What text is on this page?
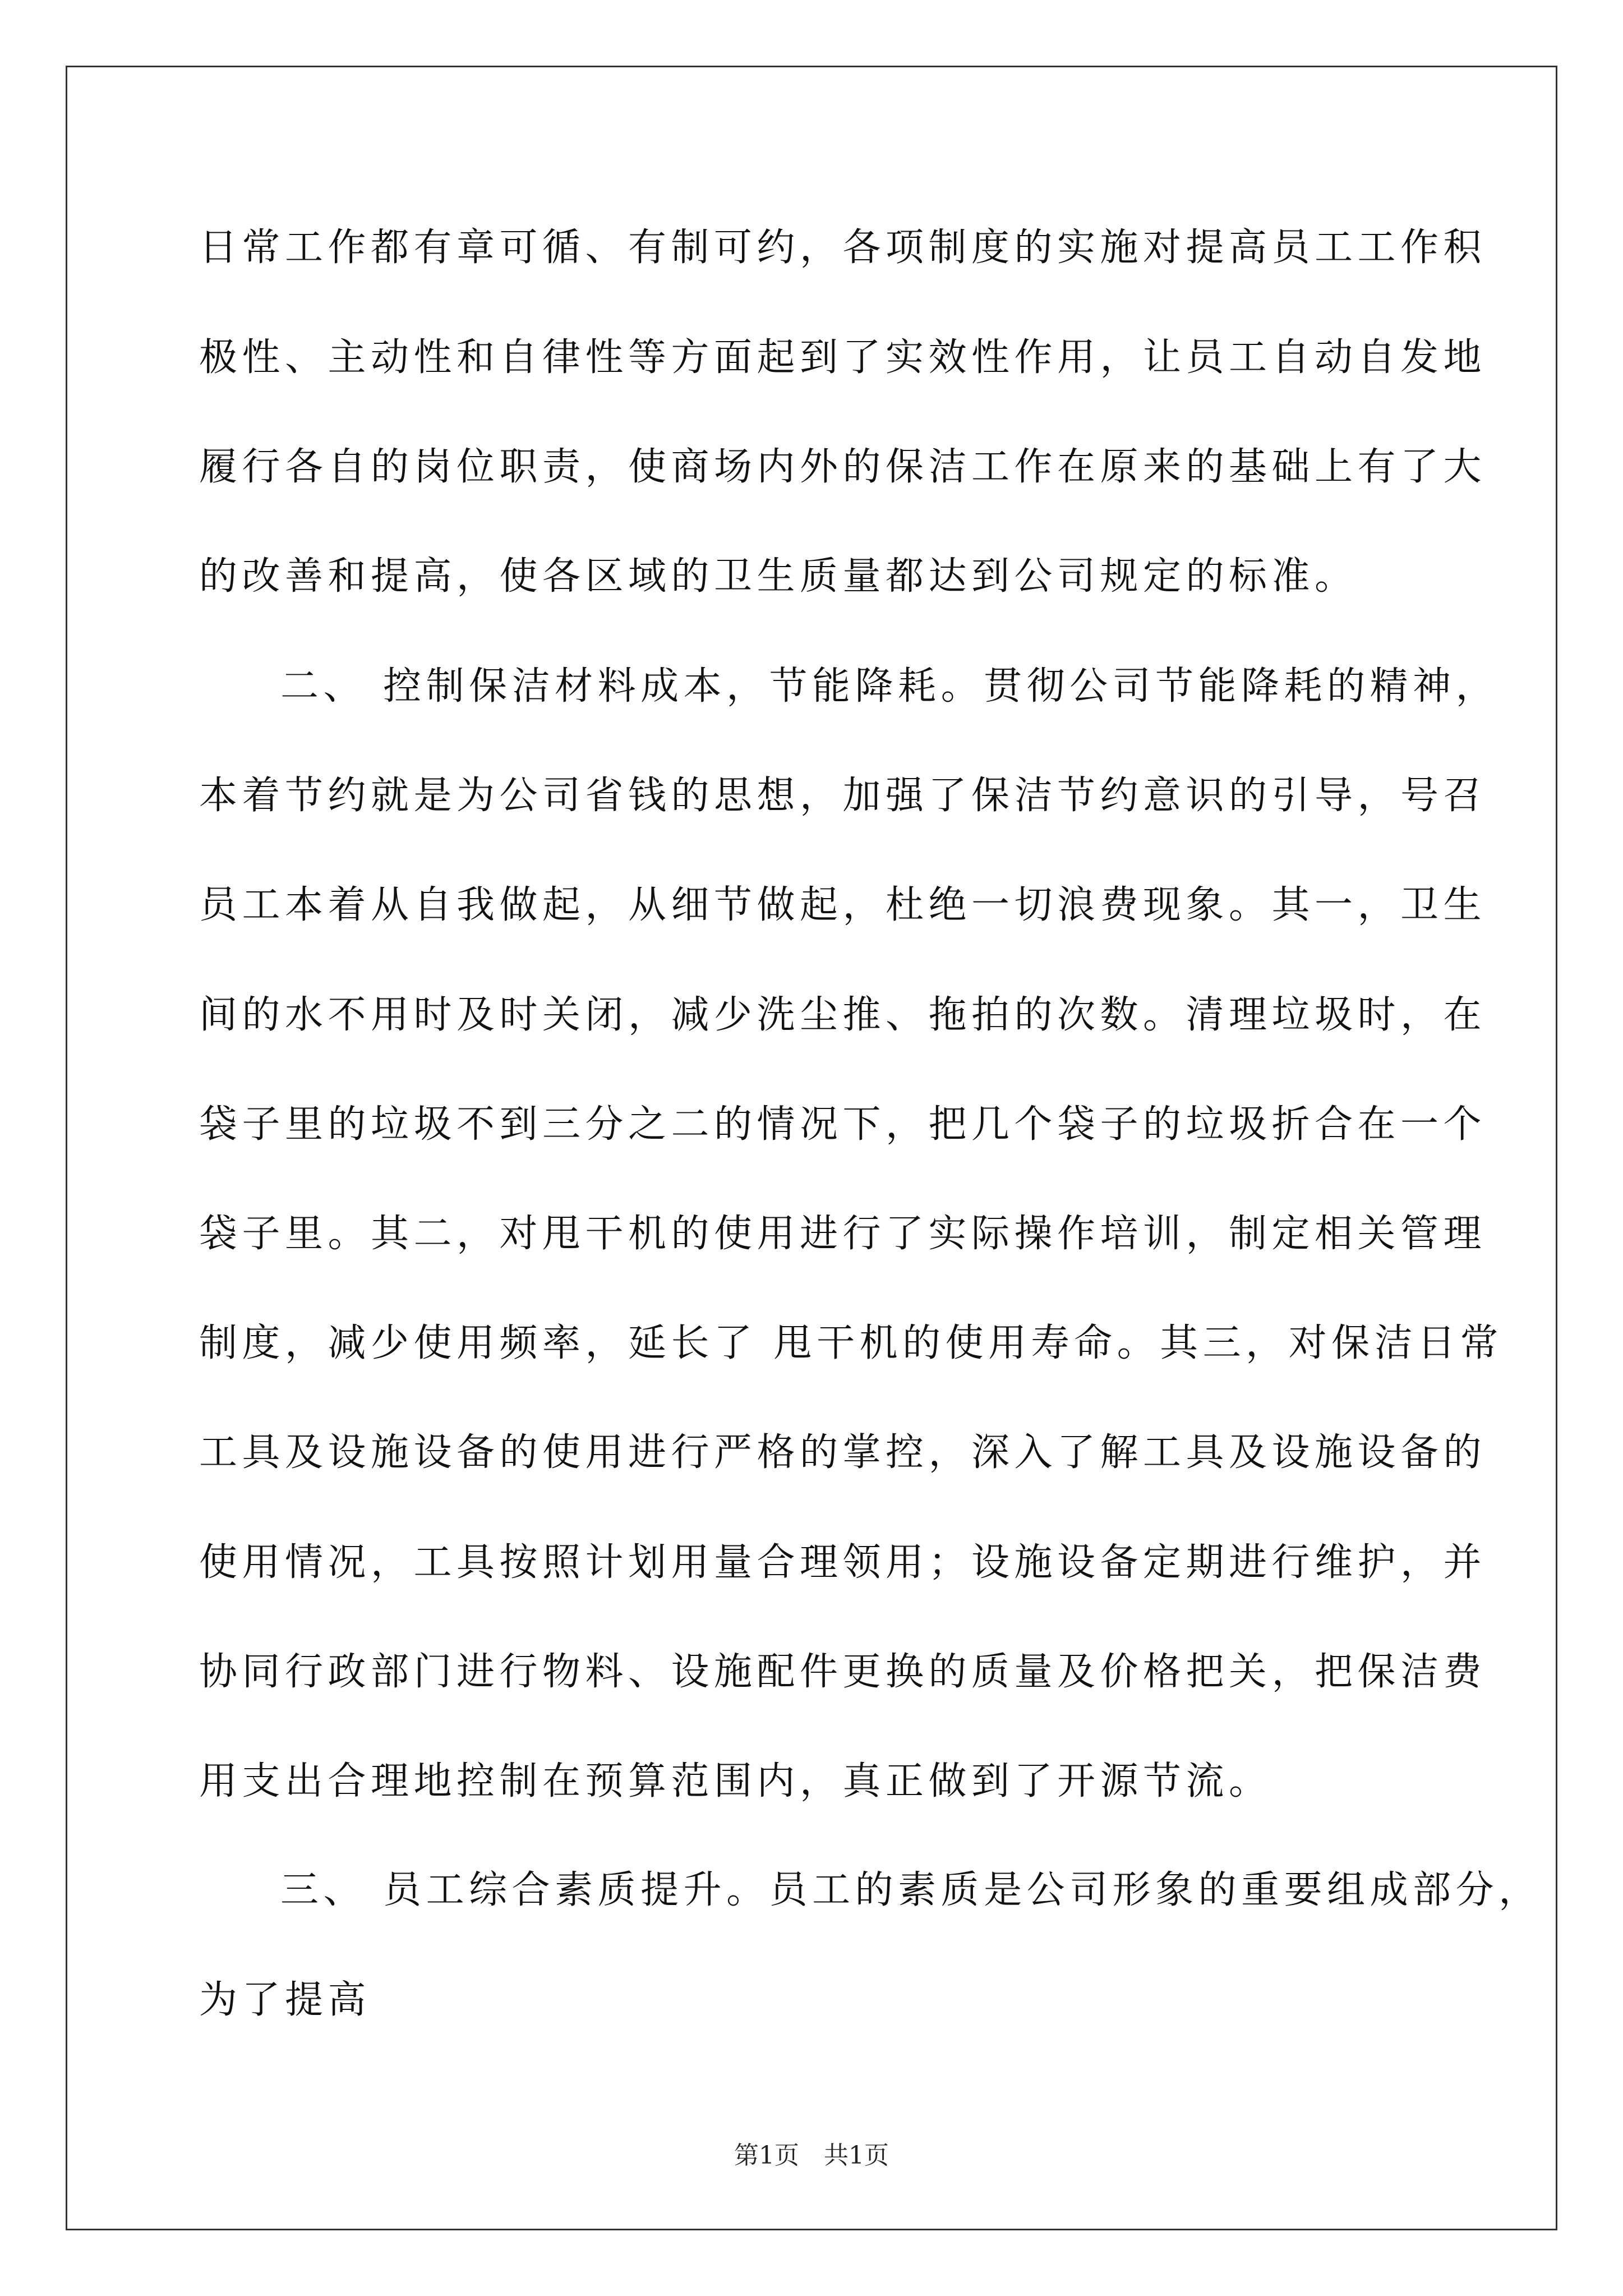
日常工作都有章可循、有制可约，各项制度的实施对提高员工工作积
极性、主动性和自律性等方面起到了实效性作用，让员工自动自发地
履行各自的岗位职责，使商场内外的保洁工作在原来的基础上有了大
的改善和提高，使各区域的卫生质量都达到公司规定的标准。
二、 控制保洁材料成本，节能降耗。贯彻公司节能降耗的精神，
本着节约就是为公司省钱的思想，加强了保洁节约意识的引导，号召
员工本着从自我做起，从细节做起，杜绝一切浪费现象。其一，卫生
间的水不用时及时关闭，减少洗尘推、拖拍的次数。清理垃圾时，在
袋子里的垃圾不到三分之二的情况下，把几个袋子的垃圾折合在一个
袋子里。其二，对甩干机的使用进行了实际操作培训，制定相关管理
制度，减少使用频率，延长了 甩干机的使用寿命。其三，对保洁日常
工具及设施设备的使用进行严格的掌控，深入了解工具及设施设备的
使用情况，工具按照计划用量合理领用；设施设备定期进行维护，并
协同行政部门进行物料、设施配件更换的质量及价格把关，把保洁费
用支出合理地控制在预算范围内，真正做到了开源节流。
三、 员工综合素质提升。员工的素质是公司形象的重要组成部分，
为了提高
第1页　共1页
